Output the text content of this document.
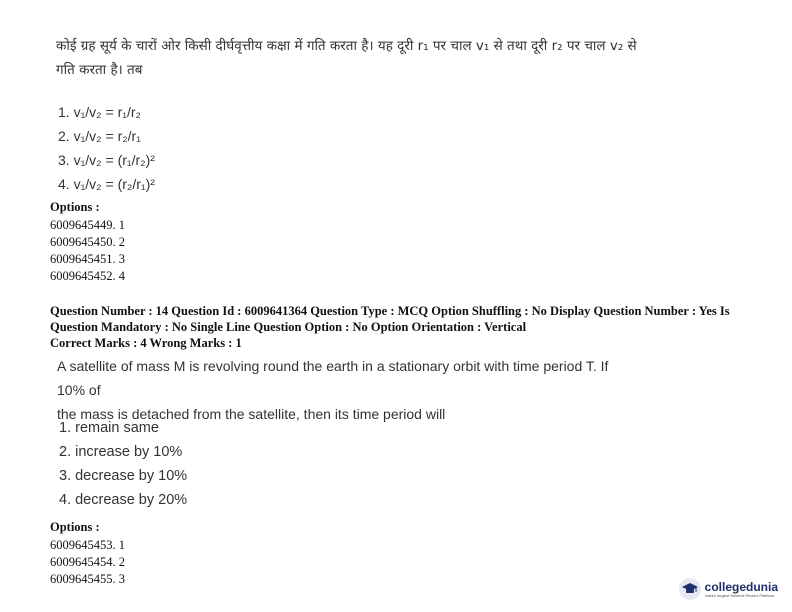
कोई ग्रह सूर्य के चारों ओर किसी दीर्घवृत्तीय कक्षा में गति करता है। यह दूरी r₁ पर चाल v₁ से तथा दूरी r₂ पर चाल v₂ से
गति करता है। तब
1. v₁/v₂ = r₁/r₂
2. v₁/v₂ = r₂/r₁
3. v₁/v₂ = (r₁/r₂)²
4. v₁/v₂ = (r₂/r₁)²
Options :
6009645449. 1
6009645450. 2
6009645451. 3
6009645452. 4
Question Number : 14 Question Id : 6009641364 Question Type : MCQ Option Shuffling : No Display Question Number : Yes Is
Question Mandatory : No Single Line Question Option : No Option Orientation : Vertical
Correct Marks : 4 Wrong Marks : 1
A satellite of mass M is revolving round the earth in a stationary orbit with time period T. If 10% of
the mass is detached from the satellite, then its time period will
1. remain same
2. increase by 10%
3. decrease by 10%
4. decrease by 20%
Options :
6009645453. 1
6009645454. 2
6009645455. 3
collegedunia
India's largest Student Review Platform
